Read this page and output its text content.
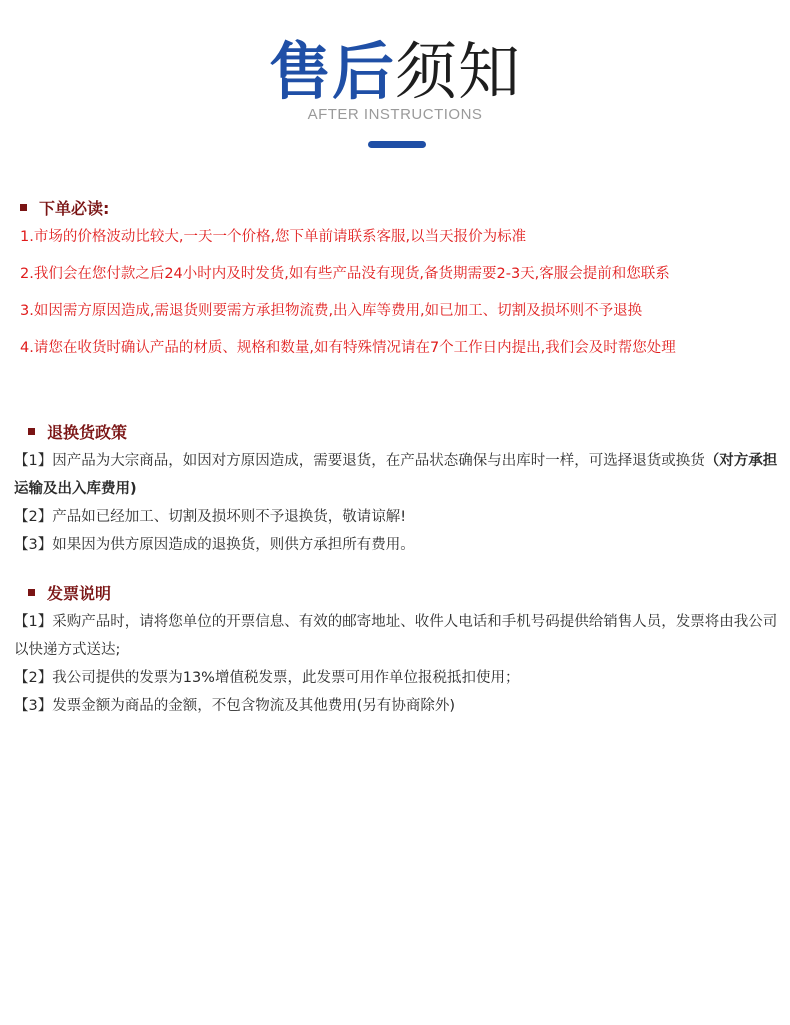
售后须知
AFTER INSTRUCTIONS
下单必读:
1.市场的价格波动比较大,一天一个价格,您下单前请联系客服,以当天报价为标准
2.我们会在您付款之后24小时内及时发货,如有些产品没有现货,备货期需要2-3天,客服会提前和您联系
3.如因需方原因造成,需退货则要需方承担物流费,出入库等费用,如已加工、切割及损坏则不予退换
4.请您在收货时确认产品的材质、规格和数量,如有特殊情况请在7个工作日内提出,我们会及时帮您处理
退换货政策
【1】因产品为大宗商品，如因对方原因造成，需要退货，在产品状态确保与出库时一样，可选择退货或换货（对方承担运输及出入库费用)
【2】产品如已经加工、切割及损坏则不予退换货，敬请谅解!
【3】如果因为供方原因造成的退换货，则供方承担所有费用。
发票说明
【1】采购产品时，请将您单位的开票信息、有效的邮寄地址、收件人电话和手机号码提供给销售人员，发票将由我公司以快递方式送达;
【2】我公司提供的发票为13%增值税发票，此发票可用作单位报税抵扣使用；
【3】发票金额为商品的金额，不包含物流及其他费用(另有协商除外)
